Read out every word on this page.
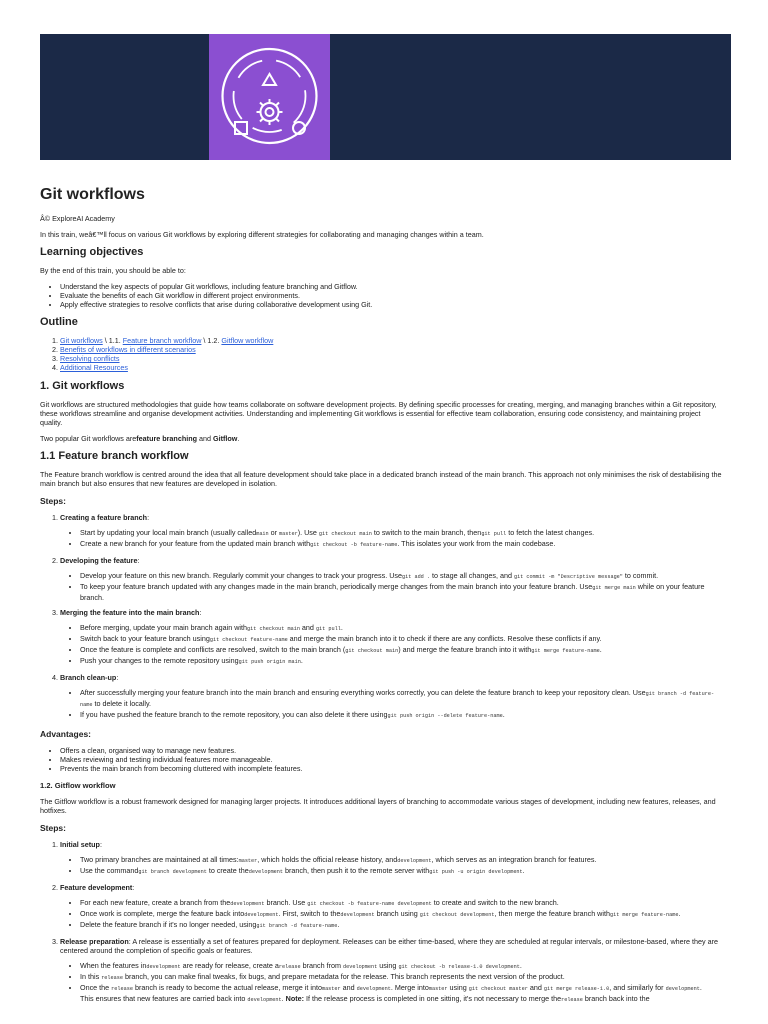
Git workflows

Â© ExploreAI Academy

In this train, weâ€™ll focus on various Git workflows by exploring different strategies for collaborating and managing changes within a team.

Learning objectives

By the end of this train, you should be able to:

• Understand the key aspects of popular Git workflows, including feature branching and Gitflow.
• Evaluate the benefits of each Git workflow in different project environments.
• Apply effective strategies to resolve conflicts that arise during collaborative development using Git.
Outline
1. Git workflows \ 1.1. Feature branch workflow \ 1.2. Gitflow workflow
2. Benefits of workflows in different scenarios
3. Resolving conflicts
4. Additional Resources
1. Git workflows

Git workflows are structured methodologies that guide how teams collaborate on software development projects. By defining specific processes for creating, merging, and managing branches within a Git repository, these workflows streamline and organise development activities. Understanding and implementing Git workflows is essential for effective team collaboration, ensuring code consistency, and maintaining project quality.

Two popular Git workflows arefeature branching and Gitflow.

1.1 Feature branch workflow

The Feature branch workflow is centred around the idea that all feature development should take place in a dedicated branch instead of the main branch. This approach not only minimises the risk of destabilising the main branch but also ensures that new features are developed in isolation.

Steps:
1. Creating a feature branch:
• Start by updating your local main branch (usually calledmain or master). Use git checkout main to switch to the main branch, thengit pull to fetch the latest changes.
• Create a new branch for your feature from the updated main branch withgit checkout -b feature-name. This isolates your work from the main codebase.
2. Developing the feature:
• Develop your feature on this new branch. Regularly commit your changes to track your progress. Usegit add . to stage all changes, and git commit -m "Descriptive message" to commit.
• To keep your feature branch updated with any changes made in the main branch, periodically merge changes from the main branch into your feature branch. Usegit merge main while on your feature branch.
3. Merging the feature into the main branch:
• Before merging, update your main branch again withgit checkout main and git pull.
• Switch back to your feature branch usinggit checkout feature-name and merge the main branch into it to check if there are any conflicts. Resolve these conflicts if any.
• Once the feature is complete and conflicts are resolved, switch to the main branch (git checkout main) and merge the feature branch into it withgit merge feature-name.
• Push your changes to the remote repository usinggit push origin main.
4. Branch clean-up:
• After successfully merging your feature branch into the main branch and ensuring everything works correctly, you can delete the feature branch to keep your repository clean. Usegit branch -d feature-name to delete it locally.
• If you have pushed the feature branch to the remote repository, you can also delete it there usinggit push origin --delete feature-name.
Advantages:
• Offers a clean, organised way to manage new features.
• Makes reviewing and testing individual features more manageable.
• Prevents the main branch from becoming cluttered with incomplete features.
1.2. Gitflow workflow

The Gitflow workflow is a robust framework designed for managing larger projects. It introduces additional layers of branching to accommodate various stages of development, including new features, releases, and hotfixes.

Steps:
1. Initial setup:
• Two primary branches are maintained at all times:master, which holds the official release history, anddevelopment, which serves as an integration branch for features.
• Use the commandgit branch development to create thedevelopment branch, then push it to the remote server withgit push -u origin development.
2. Feature development:
• For each new feature, create a branch from thedevelopment branch. Use git checkout -b feature-name development to create and switch to the new branch.
• Once work is complete, merge the feature back intodevelopment. First, switch to thedevelopment branch using git checkout development, then merge the feature branch withgit merge feature-name.
• Delete the feature branch if it's no longer needed, usinggit branch -d feature-name.
3. Release preparation: A release is essentially a set of features prepared for deployment. Releases can be either time-based, where they are scheduled at regular intervals, or milestone-based, where they are centered around the completion of specific goals or features.
• When the features indevelopment are ready for release, create arelease branch from development using git checkout -b release-1.0 development.
• In this release branch, you can make final tweaks, fix bugs, and prepare metadata for the release. This branch represents the next version of the product.
• Once the release branch is ready to become the actual release, merge it intomaster and development. Merge intomaster using git checkout master and git merge release-1.0, and similarly for development.
This ensures that new features are carried back into development. Note: If the release process is completed in one sitting, it's not necessary to merge therelease branch back into the
